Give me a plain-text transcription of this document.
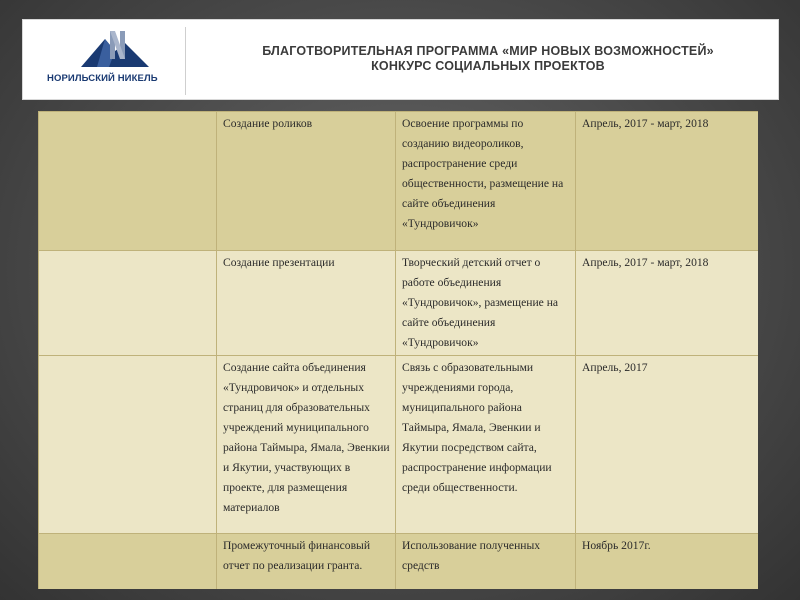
НОРИЛЬСКИЙ НИКЕЛЬ
БЛАГОТВОРИТЕЛЬНАЯ ПРОГРАММА «МИР НОВЫХ ВОЗМОЖНОСТЕЙ»
КОНКУРС СОЦИАЛЬНЫХ ПРОЕКТОВ
	Создание роликов	Освоение программы по созданию видеороликов, распространение среди общественности, размещение на сайте объединения «Тундровичок»	Апрель, 2017 - март, 2018
	Создание презентации	Творческий детский отчет о работе объединения «Тундровичок», размещение на сайте объединения «Тундровичок»	Апрель, 2017 - март, 2018
	Создание сайта объединения «Тундровичок» и отдельных страниц для образовательных учреждений муниципального района Таймыра, Ямала, Эвенкии и Якутии, участвующих в проекте, для размещения материалов	Связь с образовательными учреждениями города, муниципального района Таймыра, Ямала, Эвенкии и Якутии посредством сайта, распространение информации среди общественности.	Апрель, 2017
	Промежуточный финансовый отчет по реализации гранта.	Использование полученных средств	Ноябрь 2017г.
